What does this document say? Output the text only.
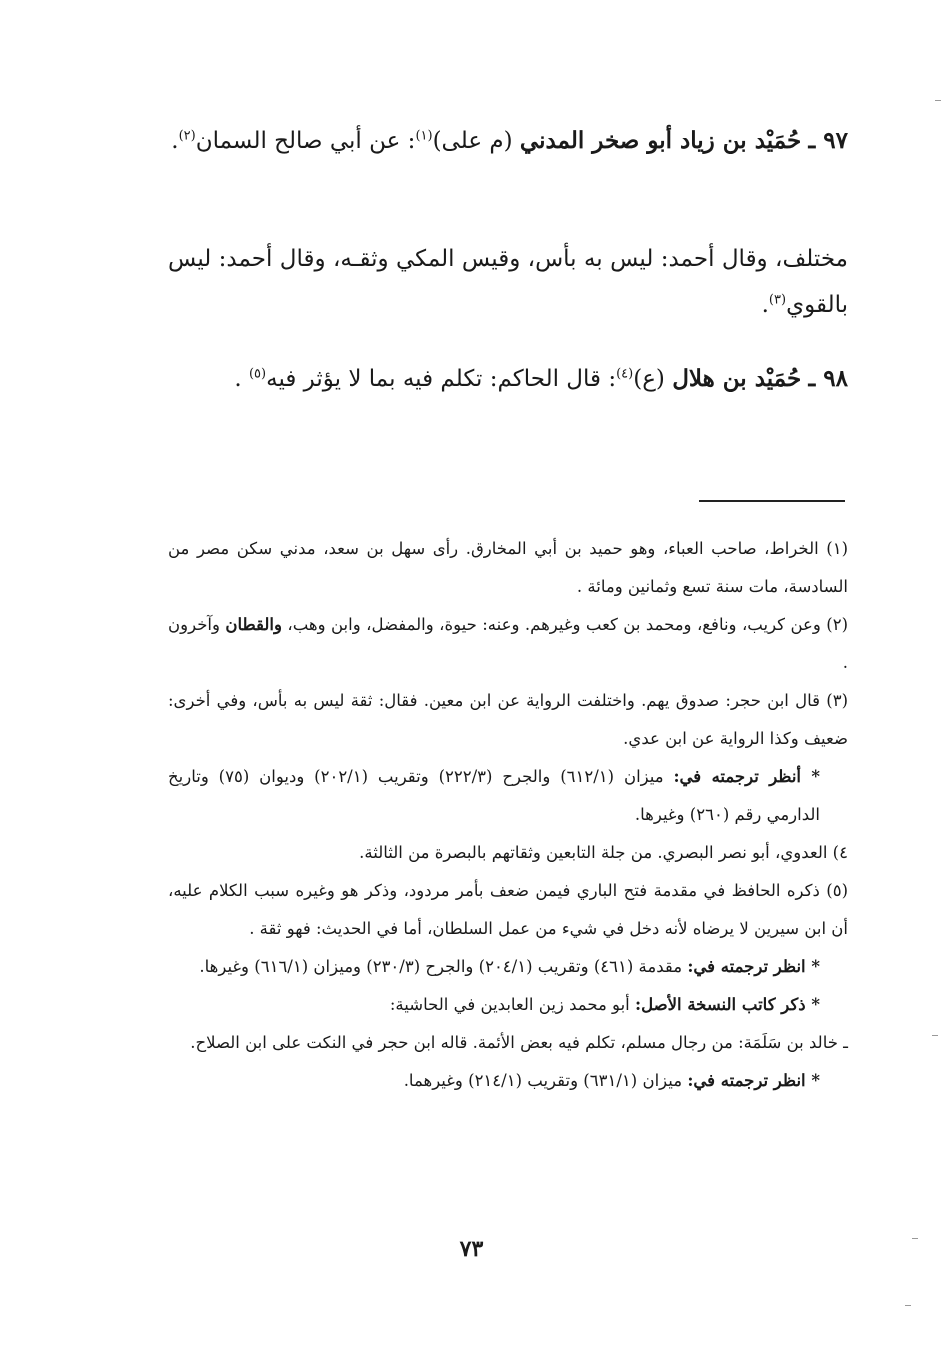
٩٧ ـ حُمَيْد بن زياد أبو صخر المدني (م على)$^{(١)}$: عن أبي صالح السمان$^{(٢)}$.
مختلف، وقال أحمد: ليس به بأس، وقيس المكي وثقـه، وقال أحمد: ليس بالقوي$^{(٣)}$.
٩٨ ـ حُمَيْد بن هلال (ع)$^{(٤)}$: قال الحاكم: تكلم فيه بما لا يؤثر فيه$^{(٥)}$ .

(١) الخراط، صاحب العباء، وهو حميد بن أبي المخارق. رأى سهل بن سعد، مدني سكن مصر من السادسة، مات سنة تسع وثمانين ومائة .

(٢) وعن كريب، ونافع، ومحمد بن كعب وغيرهم. وعنه: حيوة، والمفضل، وابن وهب، والقطان وآخرون .

(٣) قال ابن حجر: صدوق يهم. واختلفت الرواية عن ابن معين. فقال: ثقة ليس به بأس، وفي أخرى: ضعيف وكذا الرواية عن ابن عدي.

* أنظر ترجمته في: ميزان (٦١٢/١) والجرح (٢٢٢/٣) وتقريب (٢٠٢/١) وديوان (٧٥) وتاريخ الدارمي رقم (٢٦٠) وغيرها.

٤) العدوي، أبو نصر البصري. من جلة التابعين وثقاتهم بالبصرة من الثالثة.

(٥) ذكره الحافظ في مقدمة فتح الباري فيمن ضعف بأمر مردود، وذكر هو وغيره سبب الكلام عليه، أن ابن سيرين لا يرضاه لأنه دخل في شيء من عمل السلطان، أما في الحديث: فهو ثقة .

* انظر ترجمته في: مقدمة (٤٦١) وتقريب (٢٠٤/١) والجرح (٢٣٠/٣) وميزان (٦١٦/١) وغيرها.

* ذكر كاتب النسخة الأصل: أبو محمد زين العابدين في الحاشية:

ـ خالد بن سَلَمَة: من رجال مسلم، تكلم فيه بعض الأئمة. قاله ابن حجر في النكت على ابن الصلاح.

* انظر ترجمته في: ميزان (٦٣١/١) وتقريب (٢١٤/١) وغيرهما.

٧٣
